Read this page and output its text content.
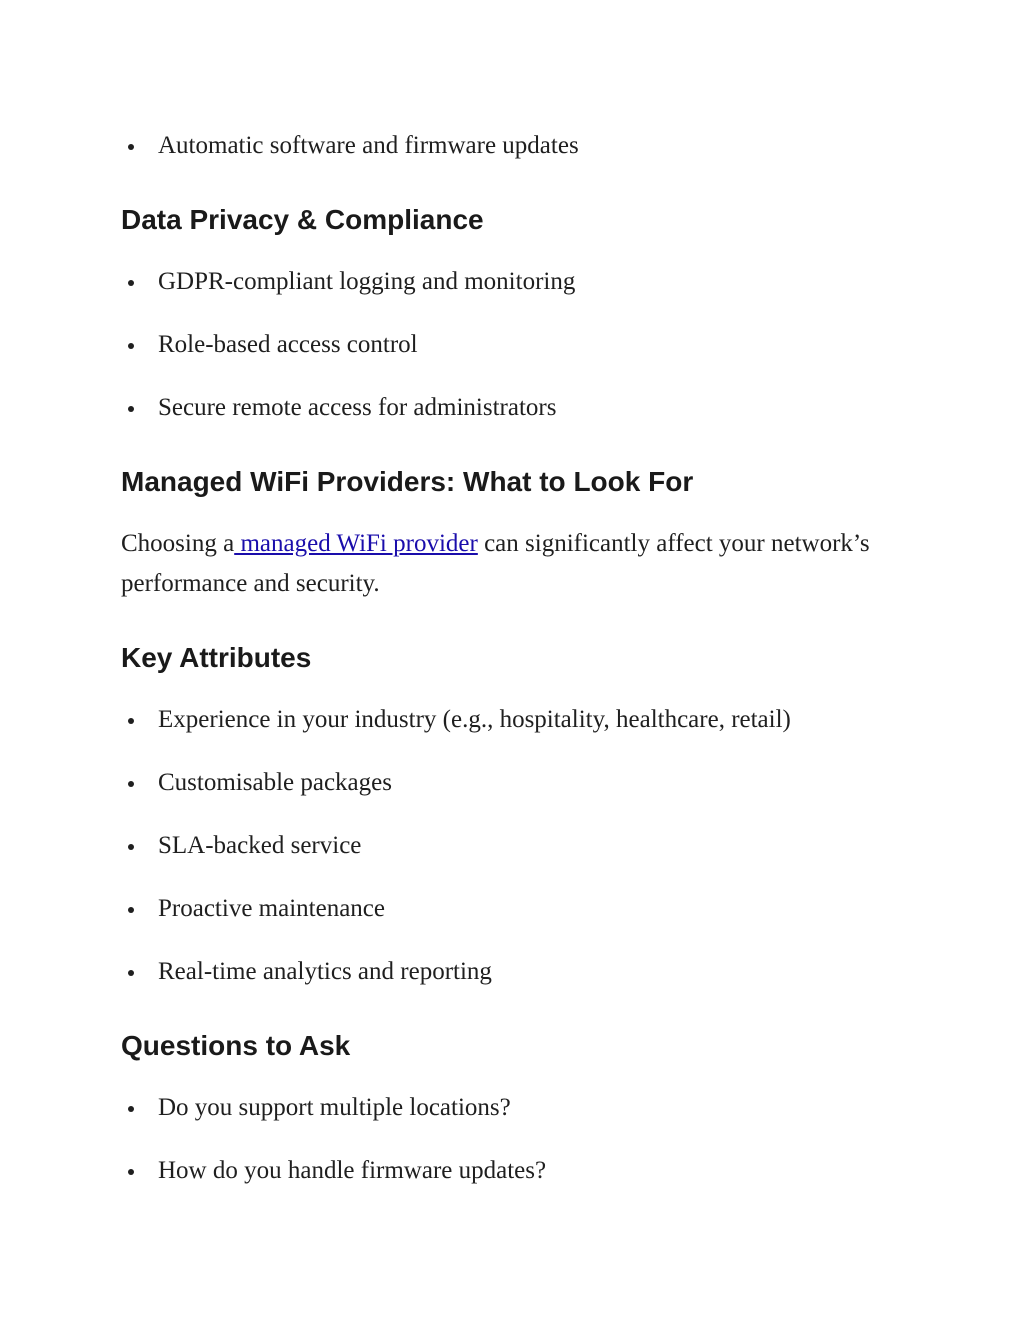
Automatic software and firmware updates
Data Privacy & Compliance
GDPR-compliant logging and monitoring
Role-based access control
Secure remote access for administrators
Managed WiFi Providers: What to Look For

Choosing a managed WiFi provider can significantly affect your network’s performance and security.

Key Attributes
Experience in your industry (e.g., hospitality, healthcare, retail)
Customisable packages
SLA-backed service
Proactive maintenance
Real-time analytics and reporting
Questions to Ask
Do you support multiple locations?
How do you handle firmware updates?
